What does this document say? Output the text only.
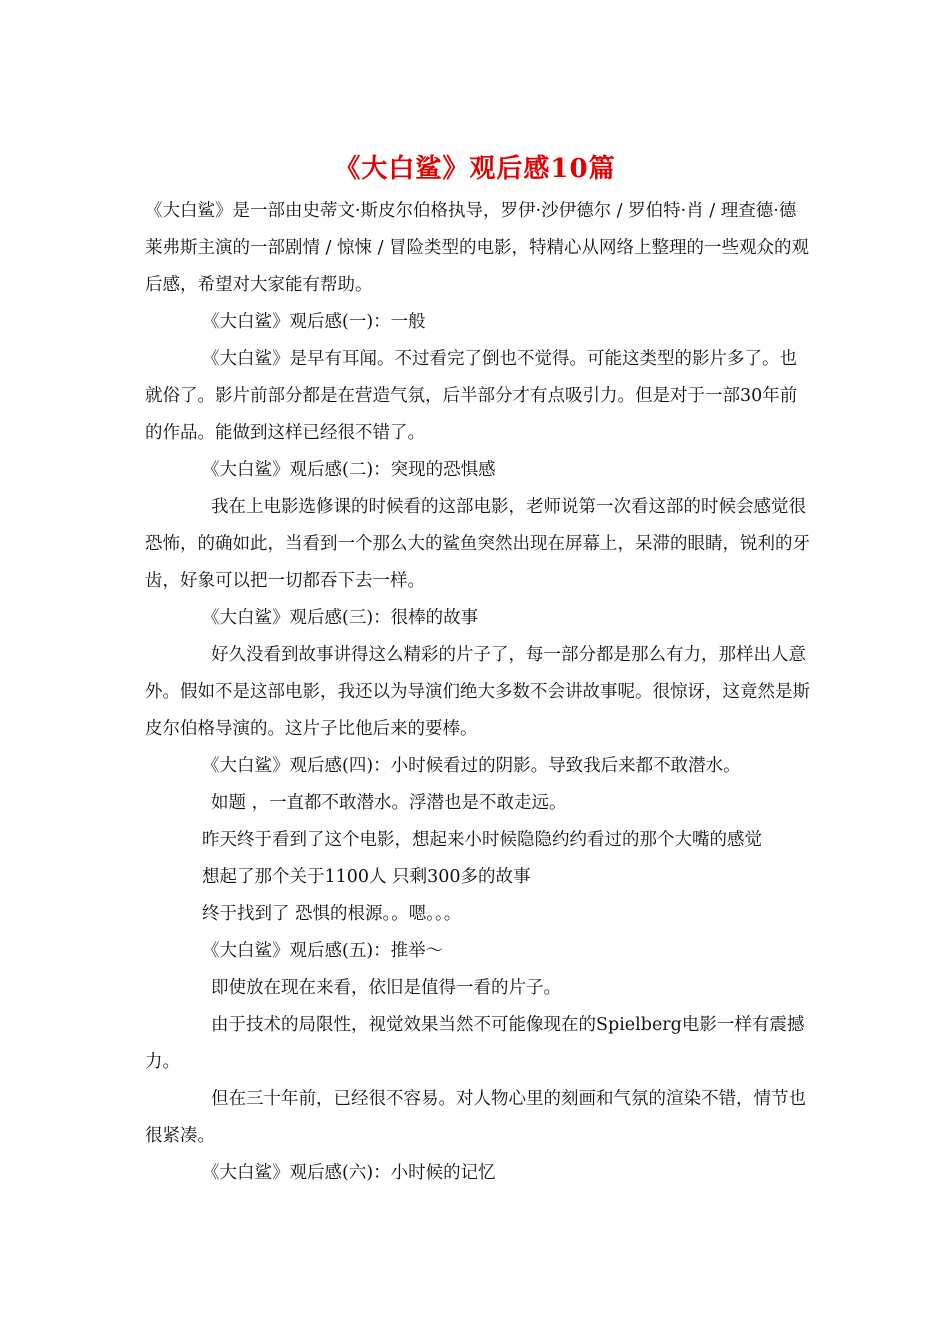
《大白鲨》观后感10篇

《大白鲨》是一部由史蒂文·斯皮尔伯格执导，罗伊·沙伊德尔 / 罗伯特·肖 / 理查德·德莱弗斯主演的一部剧情 / 惊悚 / 冒险类型的电影，特精心从网络上整理的一些观众的观后感，希望对大家能有帮助。

《大白鲨》观后感(一)：一般

《大白鲨》是早有耳闻。不过看完了倒也不觉得。可能这类型的影片多了。也就俗了。影片前部分都是在营造气氛，后半部分才有点吸引力。但是对于一部30年前的作品。能做到这样已经很不错了。

《大白鲨》观后感(二)：突现的恐惧感

我在上电影选修课的时候看的这部电影，老师说第一次看这部的时候会感觉很恐怖，的确如此，当看到一个那么大的鲨鱼突然出现在屏幕上，呆滞的眼睛，锐利的牙齿，好象可以把一切都吞下去一样。

《大白鲨》观后感(三)：很棒的故事

好久没看到故事讲得这么精彩的片子了，每一部分都是那么有力，那样出人意外。假如不是这部电影，我还以为导演们绝大多数不会讲故事呢。很惊讶，这竟然是斯皮尔伯格导演的。这片子比他后来的要棒。

《大白鲨》观后感(四)：小时候看过的阴影。导致我后来都不敢潜水。

如题 ，一直都不敢潜水。浮潜也是不敢走远。

昨天终于看到了这个电影，想起来小时候隐隐约约看过的那个大嘴的感觉

想起了那个关于1100人 只剩300多的故事

终于找到了 恐惧的根源。。嗯。。。

《大白鲨》观后感(五)：推举～

即使放在现在来看，依旧是值得一看的片子。

由于技术的局限性，视觉效果当然不可能像现在的Spielberg电影一样有震撼力。

但在三十年前，已经很不容易。对人物心里的刻画和气氛的渲染不错，情节也很紧凑。

《大白鲨》观后感(六)：小时候的记忆
